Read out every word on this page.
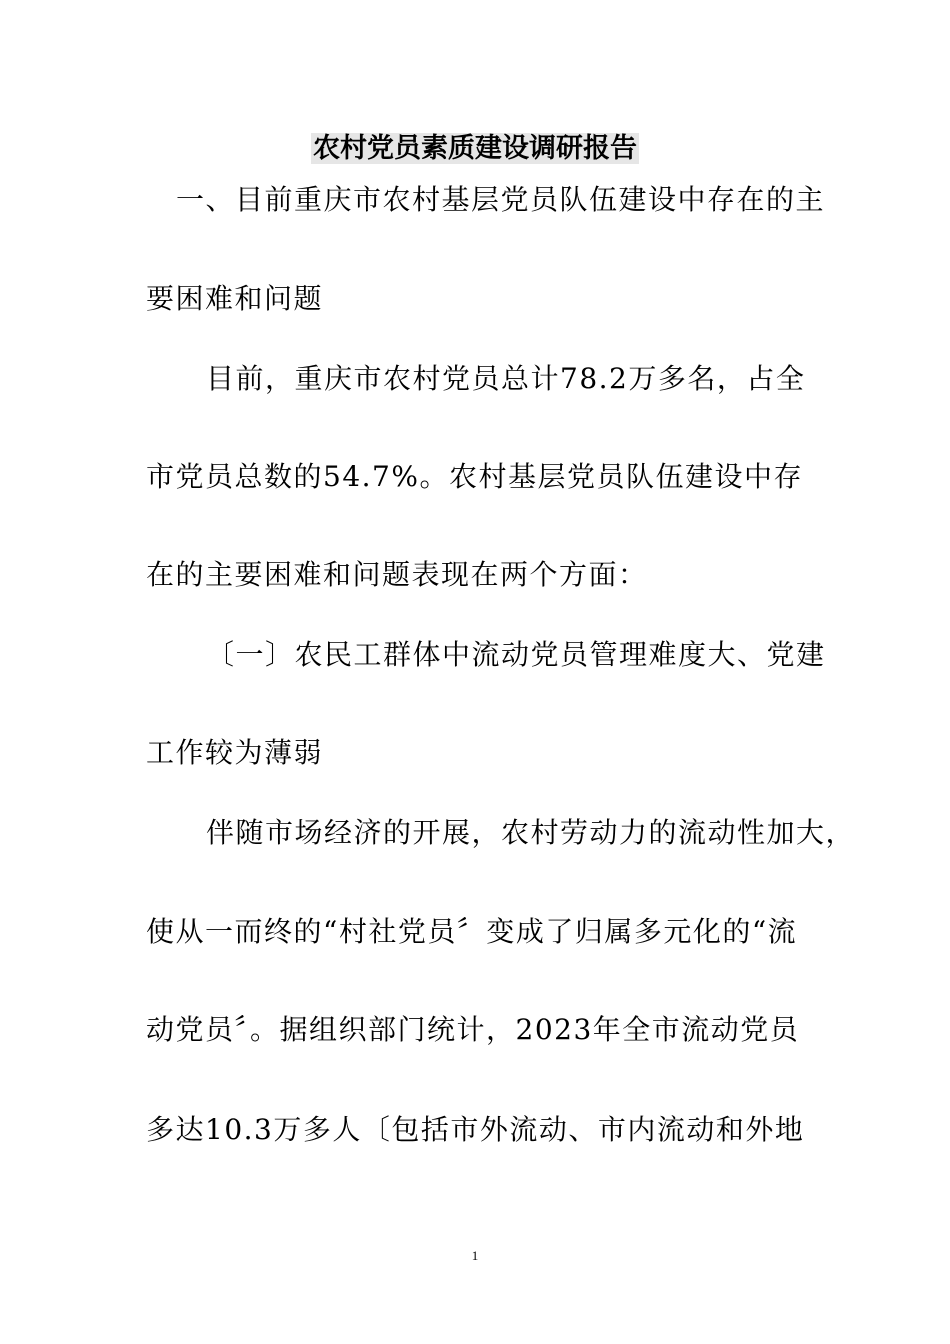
农村党员素质建设调研报告
一、目前重庆市农村基层党员队伍建设中存在的主
要困难和问题
目前，重庆市农村党员总计78.2万多名，占全
市党员总数的54.7%。农村基层党员队伍建设中存
在的主要困难和问题表现在两个方面：
〔一〕农民工群体中流动党员管理难度大、党建
工作较为薄弱
伴随市场经济的开展，农村劳动力的流动性加大，
使从一而终的“村社党员〞变成了归属多元化的“流
动党员〞。据组织部门统计，2023年全市流动党员
多达10.3万多人〔包括市外流动、市内流动和外地
1
